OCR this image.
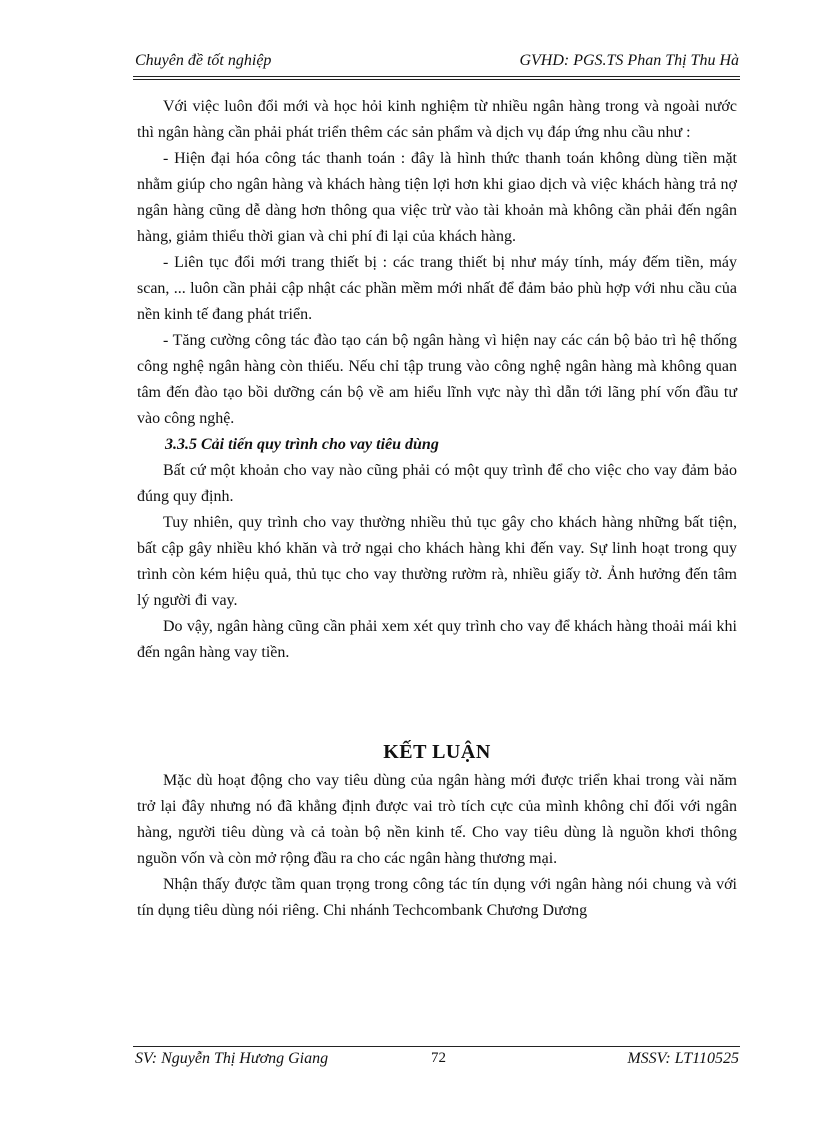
Chuyên đề tốt nghiệp	GVHD: PGS.TS Phan Thị Thu Hà

Với việc luôn đổi mới và học hỏi kinh nghiệm từ nhiều ngân hàng trong và ngoài nước thì ngân hàng cần phải phát triển thêm các sản phẩm và dịch vụ đáp ứng nhu cầu như :

- Hiện đại hóa công tác thanh toán : đây là hình thức thanh toán không dùng tiền mặt nhằm giúp cho ngân hàng và khách hàng tiện lợi hơn khi giao dịch và việc khách hàng trả nợ ngân hàng cũng dễ dàng hơn thông qua việc trừ vào tài khoản mà không cần phải đến ngân hàng, giảm thiểu thời gian và chi phí đi lại của khách hàng.

- Liên tục đổi mới trang thiết bị : các trang thiết bị như máy tính, máy đếm tiền, máy scan, ... luôn cần phải cập nhật các phần mềm mới nhất để đảm bảo phù hợp với nhu cầu của nền kinh tế đang phát triển.

- Tăng cường công tác đào tạo cán bộ ngân hàng vì hiện nay các cán bộ bảo trì hệ thống công nghệ ngân hàng còn thiếu. Nếu chỉ tập trung vào công nghệ ngân hàng mà không quan tâm đến đào tạo bồi dưỡng cán bộ về am hiểu lĩnh vực này thì dẫn tới lãng phí vốn đầu tư vào công nghệ.

3.3.5 Cải tiến quy trình cho vay tiêu dùng

Bất cứ một khoản cho vay nào cũng phải có một quy trình để cho việc cho vay đảm bảo đúng quy định.

Tuy nhiên, quy trình cho vay thường nhiều thủ tục gây cho khách hàng những bất tiện, bất cập gây nhiều khó khăn và trở ngại cho khách hàng khi đến vay. Sự linh hoạt trong quy trình còn kém hiệu quả, thủ tục cho vay thường rườm rà, nhiều giấy tờ. Ảnh hưởng đến tâm lý người đi vay.

Do vậy, ngân hàng cũng cần phải xem xét quy trình cho vay để khách hàng thoải mái khi đến ngân hàng vay tiền.

KẾT LUẬN

Mặc dù hoạt động cho vay tiêu dùng của ngân hàng mới được triển khai trong vài năm trở lại đây nhưng nó đã khẳng định được vai trò tích cực của mình không chỉ đối với ngân hàng, người tiêu dùng và cả toàn bộ nền kinh tế. Cho vay tiêu dùng là nguồn khơi thông nguồn vốn và còn mở rộng đầu ra cho các ngân hàng thương mại.

Nhận thấy được tầm quan trọng trong công tác tín dụng với ngân hàng nói chung và với tín dụng tiêu dùng nói riêng. Chi nhánh Techcombank Chương Dương

SV: Nguyễn Thị Hương Giang	72	MSSV: LT110525
